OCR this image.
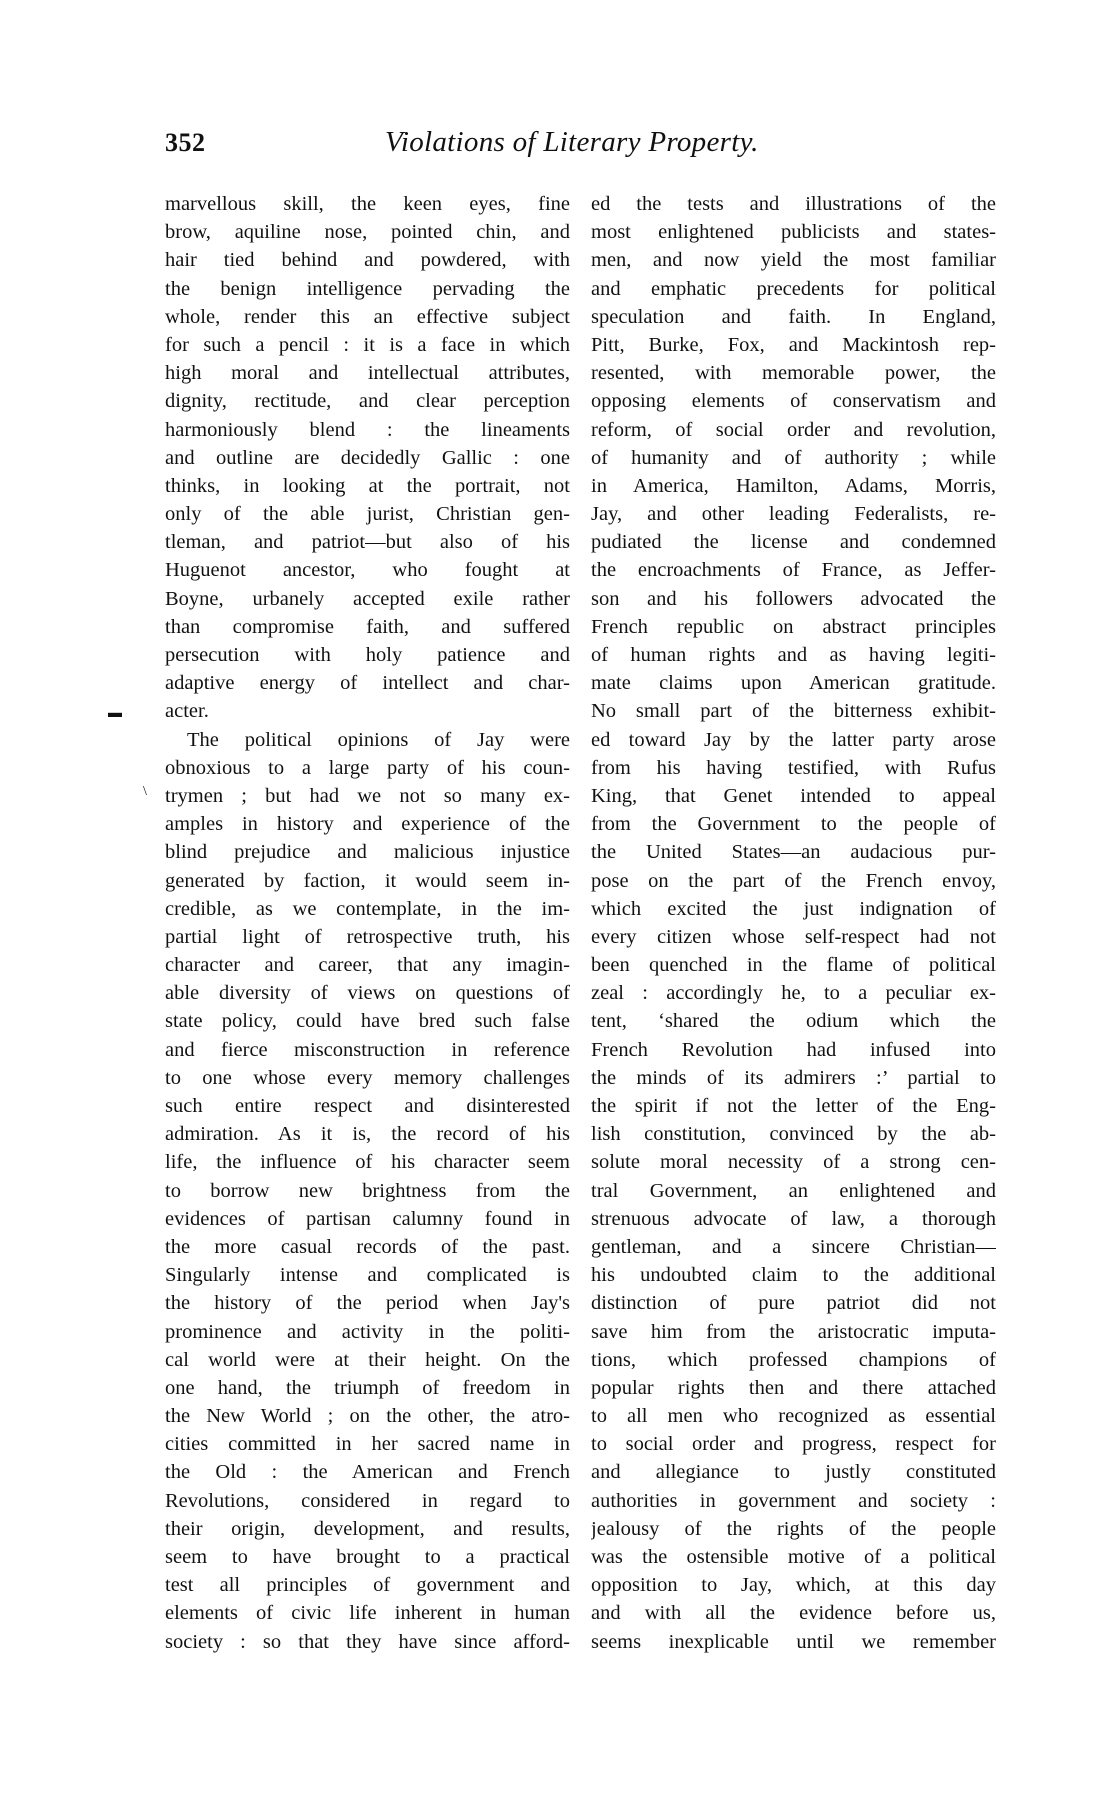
352	Violations of Literary Property.
▬
\
marvellous skill, the keen eyes, fine
brow, aquiline nose, pointed chin, and
hair tied behind and powdered, with
the benign intelligence pervading the
whole, render this an effective subject
for such a pencil : it is a face in which
high moral and intellectual attributes,
dignity, rectitude, and clear perception
harmoniously blend : the lineaments
and outline are decidedly Gallic : one
thinks, in looking at the portrait, not
only of the able jurist, Christian gen-
tleman, and patriot—but also of his
Huguenot ancestor, who fought at
Boyne, urbanely accepted exile rather
than compromise faith, and suffered
persecution with holy patience and
adaptive energy of intellect and char-
acter.
The political opinions of Jay were
obnoxious to a large party of his coun-
trymen ; but had we not so many ex-
amples in history and experience of the
blind prejudice and malicious injustice
generated by faction, it would seem in-
credible, as we contemplate, in the im-
partial light of retrospective truth, his
character and career, that any imagin-
able diversity of views on questions of
state policy, could have bred such false
and fierce misconstruction in reference
to one whose every memory challenges
such entire respect and disinterested
admiration. As it is, the record of his
life, the influence of his character seem
to borrow new brightness from the
evidences of partisan calumny found in
the more casual records of the past.
Singularly intense and complicated is
the history of the period when Jay's
prominence and activity in the politi-
cal world were at their height. On the
one hand, the triumph of freedom in
the New World ; on the other, the atro-
cities committed in her sacred name in
the Old : the American and French
Revolutions, considered in regard to
their origin, development, and results,
seem to have brought to a practical
test all principles of government and
elements of civic life inherent in human
society : so that they have since afford-
ed the tests and illustrations of the
most enlightened publicists and states-
men, and now yield the most familiar
and emphatic precedents for political
speculation and faith. In England,
Pitt, Burke, Fox, and Mackintosh rep-
resented, with memorable power, the
opposing elements of conservatism and
reform, of social order and revolution,
of humanity and of authority ; while
in America, Hamilton, Adams, Morris,
Jay, and other leading Federalists, re-
pudiated the license and condemned
the encroachments of France, as Jeffer-
son and his followers advocated the
French republic on abstract principles
of human rights and as having legiti-
mate claims upon American gratitude.
No small part of the bitterness exhibit-
ed toward Jay by the latter party arose
from his having testified, with Rufus
King, that Genet intended to appeal
from the Government to the people of
the United States—an audacious pur-
pose on the part of the French envoy,
which excited the just indignation of
every citizen whose self-respect had not
been quenched in the flame of political
zeal : accordingly he, to a peculiar ex-
tent, ‘shared the odium which the
French Revolution had infused into
the minds of its admirers :’ partial to
the spirit if not the letter of the Eng-
lish constitution, convinced by the ab-
solute moral necessity of a strong cen-
tral Government, an enlightened and
strenuous advocate of law, a thorough
gentleman, and a sincere Christian—
his undoubted claim to the additional
distinction of pure patriot did not
save him from the aristocratic imputa-
tions, which professed champions of
popular rights then and there attached
to all men who recognized as essential
to social order and progress, respect for
and allegiance to justly constituted
authorities in government and society :
jealousy of the rights of the people
was the ostensible motive of a political
opposition to Jay, which, at this day
and with all the evidence before us,
seems inexplicable until we remember
